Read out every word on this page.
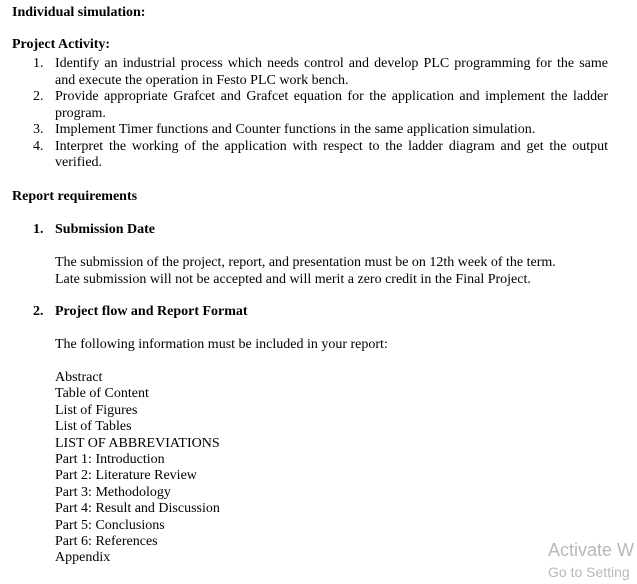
Individual simulation:
Project Activity:
1. Identify an industrial process which needs control and develop PLC programming for the same and execute the operation in Festo PLC work bench.
2. Provide appropriate Grafcet and Grafcet equation for the application and implement the ladder program.
3. Implement Timer functions and Counter functions in the same application simulation.
4. Interpret the working of the application with respect to the ladder diagram and get the output verified.
Report requirements
1. Submission Date
The submission of the project, report, and presentation must be on 12th week of the term.
Late submission will not be accepted and will merit a zero credit in the Final Project.
2. Project flow and Report Format
The following information must be included in your report:
Abstract
Table of Content
List of Figures
List of Tables
LIST OF ABBREVIATIONS
Part 1: Introduction
Part 2: Literature Review
Part 3: Methodology
Part 4: Result and Discussion
Part 5: Conclusions
Part 6: References
Appendix	Activate W
Go to Setting
